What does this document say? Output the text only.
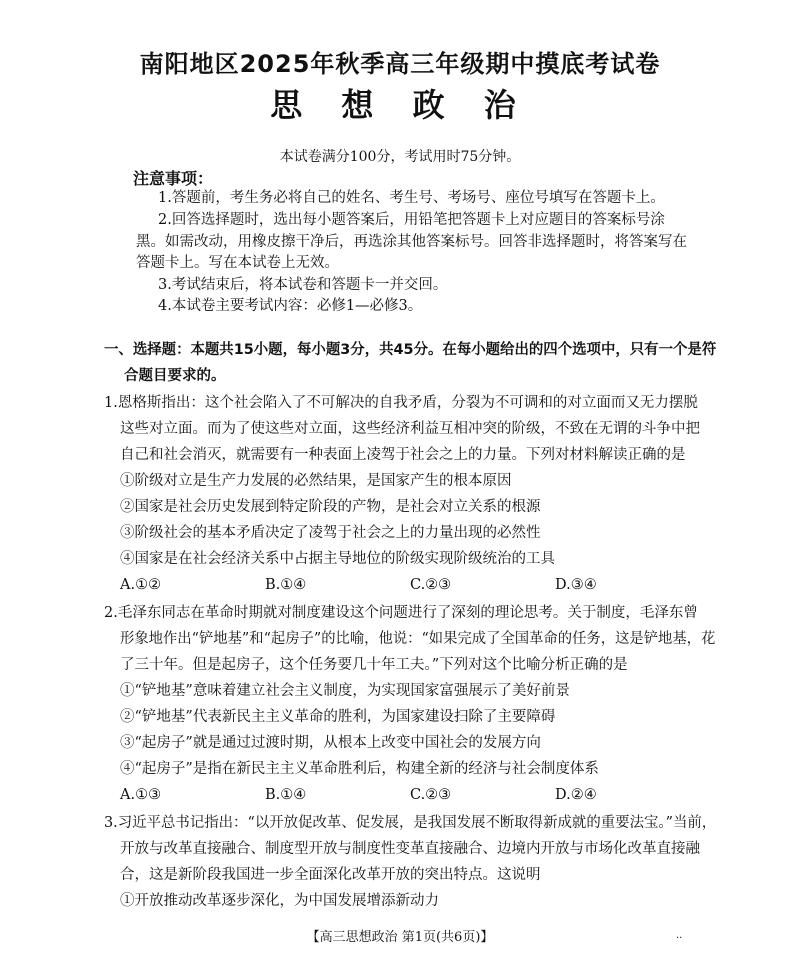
南阳地区2025年秋季高三年级期中摸底考试卷
思 想 政 治
本试卷满分100分，考试用时75分钟。
注意事项：
1.答题前，考生务必将自己的姓名、考生号、考场号、座位号填写在答题卡上。
2.回答选择题时，选出每小题答案后，用铅笔把答题卡上对应题目的答案标号涂
黑。如需改动，用橡皮擦干净后，再选涂其他答案标号。回答非选择题时，将答案写在
答题卡上。写在本试卷上无效。
3.考试结束后，将本试卷和答题卡一并交回。
4.本试卷主要考试内容：必修1—必修3。
一、选择题：本题共15小题，每小题3分，共45分。在每小题给出的四个选项中，只有一个是符
合题目要求的。
1.恩格斯指出：这个社会陷入了不可解决的自我矛盾，分裂为不可调和的对立面而又无力摆脱
这些对立面。而为了使这些对立面，这些经济利益互相冲突的阶级，不致在无谓的斗争中把
自己和社会消灭，就需要有一种表面上凌驾于社会之上的力量。下列对材料解读正确的是
①阶级对立是生产力发展的必然结果，是国家产生的根本原因
②国家是社会历史发展到特定阶段的产物，是社会对立关系的根源
③阶级社会的基本矛盾决定了凌驾于社会之上的力量出现的必然性
④国家是在社会经济关系中占据主导地位的阶级实现阶级统治的工具
A.①②	B.①④	C.②③	D.③④
2.毛泽东同志在革命时期就对制度建设这个问题进行了深刻的理论思考。关于制度，毛泽东曾
形象地作出“铲地基”和“起房子”的比喻，他说：“如果完成了全国革命的任务，这是铲地基，花
了三十年。但是起房子，这个任务要几十年工夫。”下列对这个比喻分析正确的是
①“铲地基”意味着建立社会主义制度，为实现国家富强展示了美好前景
②“铲地基”代表新民主主义革命的胜利，为国家建设扫除了主要障碍
③“起房子”就是通过过渡时期，从根本上改变中国社会的发展方向
④“起房子”是指在新民主主义革命胜利后，构建全新的经济与社会制度体系
A.①③	B.①④	C.②③	D.②④
3.习近平总书记指出：“以开放促改革、促发展，是我国发展不断取得新成就的重要法宝。”当前，
开放与改革直接融合、制度型开放与制度性变革直接融合、边境内开放与市场化改革直接融
合，这是新阶段我国进一步全面深化改革开放的突出特点。这说明
①开放推动改革逐步深化，为中国发展增添新动力
【高三思想政治 第1页(共6页)】	..
